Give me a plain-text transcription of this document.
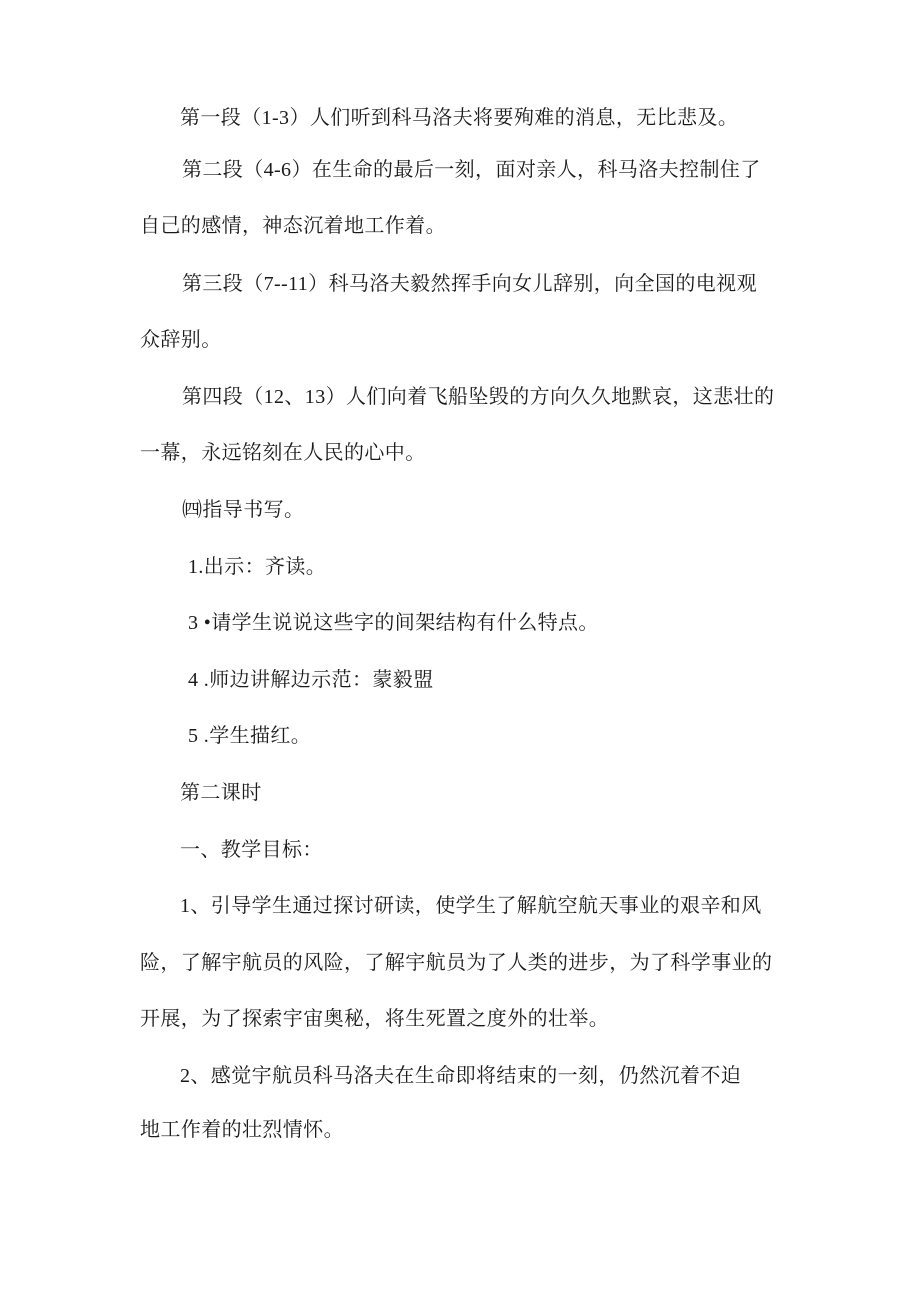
第一段（1-3）人们听到科马洛夫将要殉难的消息，无比悲及。

第二段（4-6）在生命的最后一刻，面对亲人，科马洛夫控制住了

自己的感情，神态沉着地工作着。

第三段（7--11）科马洛夫毅然挥手向女儿辞别，向全国的电视观

众辞别。

第四段（12、13）人们向着飞船坠毁的方向久久地默哀，这悲壮的

一幕，永远铭刻在人民的心中。

㈣指导书写。

1.出示：齐读。

3 •请学生说说这些字的间架结构有什么特点。

4 .师边讲解边示范：蒙毅盟

5 .学生描红。

第二课时

一、教学目标：

1、引导学生通过探讨研读，使学生了解航空航天事业的艰辛和风

险，了解宇航员的风险，了解宇航员为了人类的进步，为了科学事业的

开展，为了探索宇宙奥秘，将生死置之度外的壮举。

2、感觉宇航员科马洛夫在生命即将结束的一刻，仍然沉着不迫

地工作着的壮烈情怀。
